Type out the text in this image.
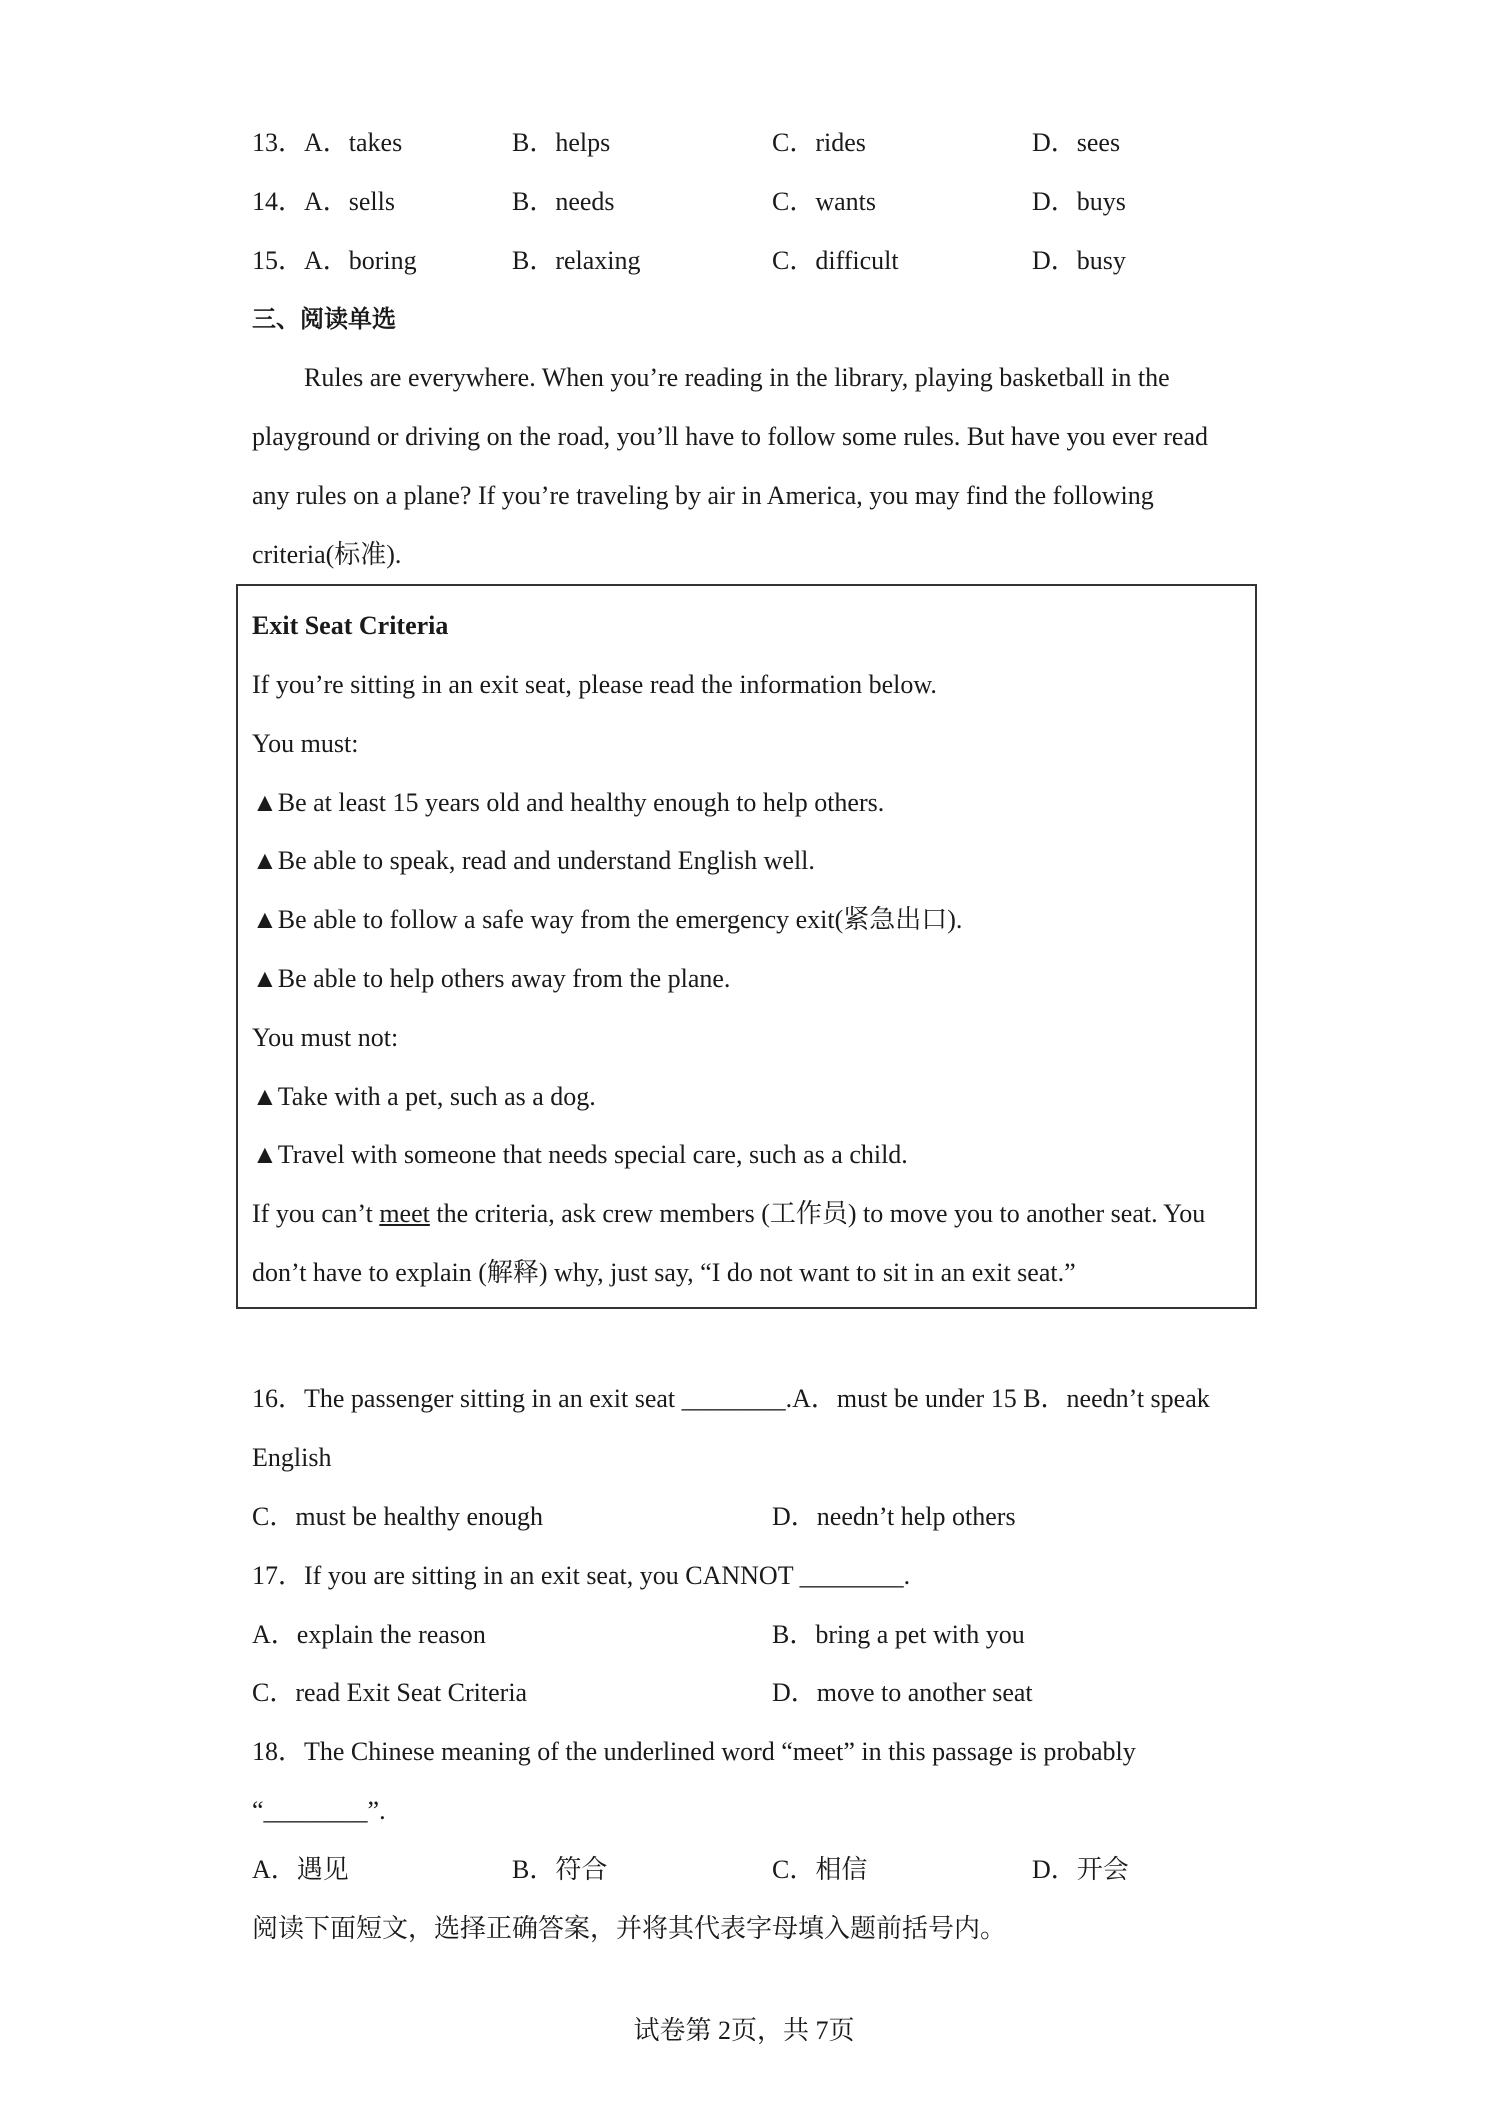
13． A．takes	B．helps	C．rides	D．sees
14． A．sells	B．needs	C．wants	D．buys
15． A．boring	B．relaxing	C．difficult	D．busy
三、阅读单选
Rules are everywhere. When you’re reading in the library, playing basketball in the
playground or driving on the road, you’ll have to follow some rules. But have you ever read
any rules on a plane? If you’re traveling by air in America, you may find the following
criteria(标准).
Exit Seat Criteria
If you’re sitting in an exit seat, please read the information below.
You must:
▲Be at least 15 years old and healthy enough to help others.
▲Be able to speak, read and understand English well.
▲Be able to follow a safe way from the emergency exit(紧急出口).
▲Be able to help others away from the plane.
You must not:
▲Take with a pet, such as a dog.
▲Travel with someone that needs special care, such as a child.
If you can’t meet the criteria, ask crew members (工作员) to move you to another seat. You
don’t have to explain (解释) why, just say, “I do not want to sit in an exit seat.”
16．The passenger sitting in an exit seat ________.A．must be under 15 B．needn’t speak
English
C．must be healthy enough	D．needn’t help others
17．If you are sitting in an exit seat, you CANNOT ________.
A．explain the reason	B．bring a pet with you
C．read Exit Seat Criteria	D．move to another seat
18．The Chinese meaning of the underlined word “meet” in this passage is probably
“________”.
A．遇见	B．符合	C．相信	D．开会
阅读下面短文，选择正确答案，并将其代表字母填入题前括号内。
试卷第 2页，共 7页
